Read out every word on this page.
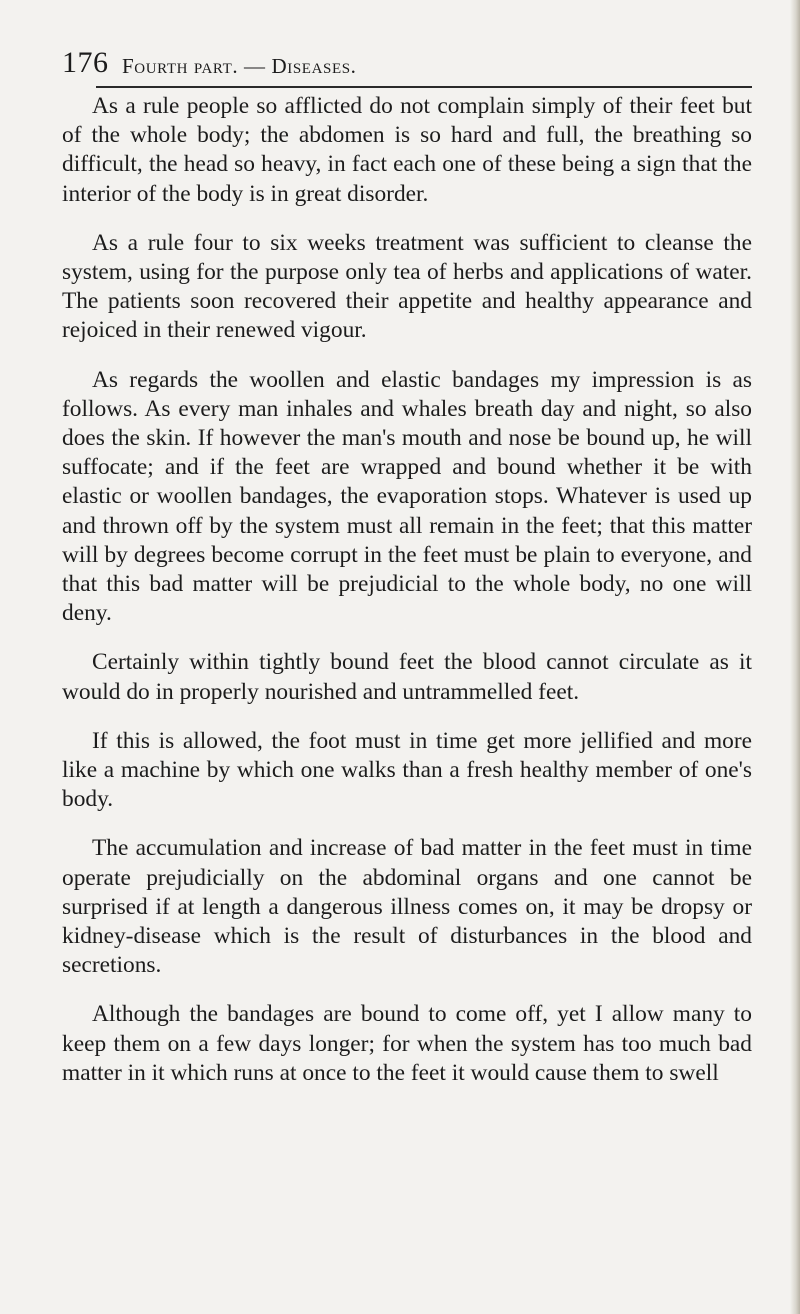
176 Fourth part. — Diseases.

As a rule people so afflicted do not complain simply of their feet but of the whole body; the abdomen is so hard and full, the breathing so difficult, the head so heavy, in fact each one of these being a sign that the interior of the body is in great disorder.

As a rule four to six weeks treatment was sufficient to cleanse the system, using for the purpose only tea of herbs and applications of water. The patients soon recovered their appetite and healthy appearance and rejoiced in their renewed vigour.

As regards the woollen and elastic bandages my impression is as follows. As every man inhales and whales breath day and night, so also does the skin. If however the man's mouth and nose be bound up, he will suffocate; and if the feet are wrapped and bound whether it be with elastic or woollen bandages, the evaporation stops. Whatever is used up and thrown off by the system must all remain in the feet; that this matter will by degrees become corrupt in the feet must be plain to everyone, and that this bad matter will be prejudicial to the whole body, no one will deny.

Certainly within tightly bound feet the blood cannot circulate as it would do in properly nourished and untrammelled feet.

If this is allowed, the foot must in time get more jellified and more like a machine by which one walks than a fresh healthy member of one's body.

The accumulation and increase of bad matter in the feet must in time operate prejudicially on the abdominal organs and one cannot be surprised if at length a dangerous illness comes on, it may be dropsy or kidney-disease which is the result of disturbances in the blood and secretions.

Although the bandages are bound to come off, yet I allow many to keep them on a few days longer; for when the system has too much bad matter in it which runs at once to the feet it would cause them to swell
